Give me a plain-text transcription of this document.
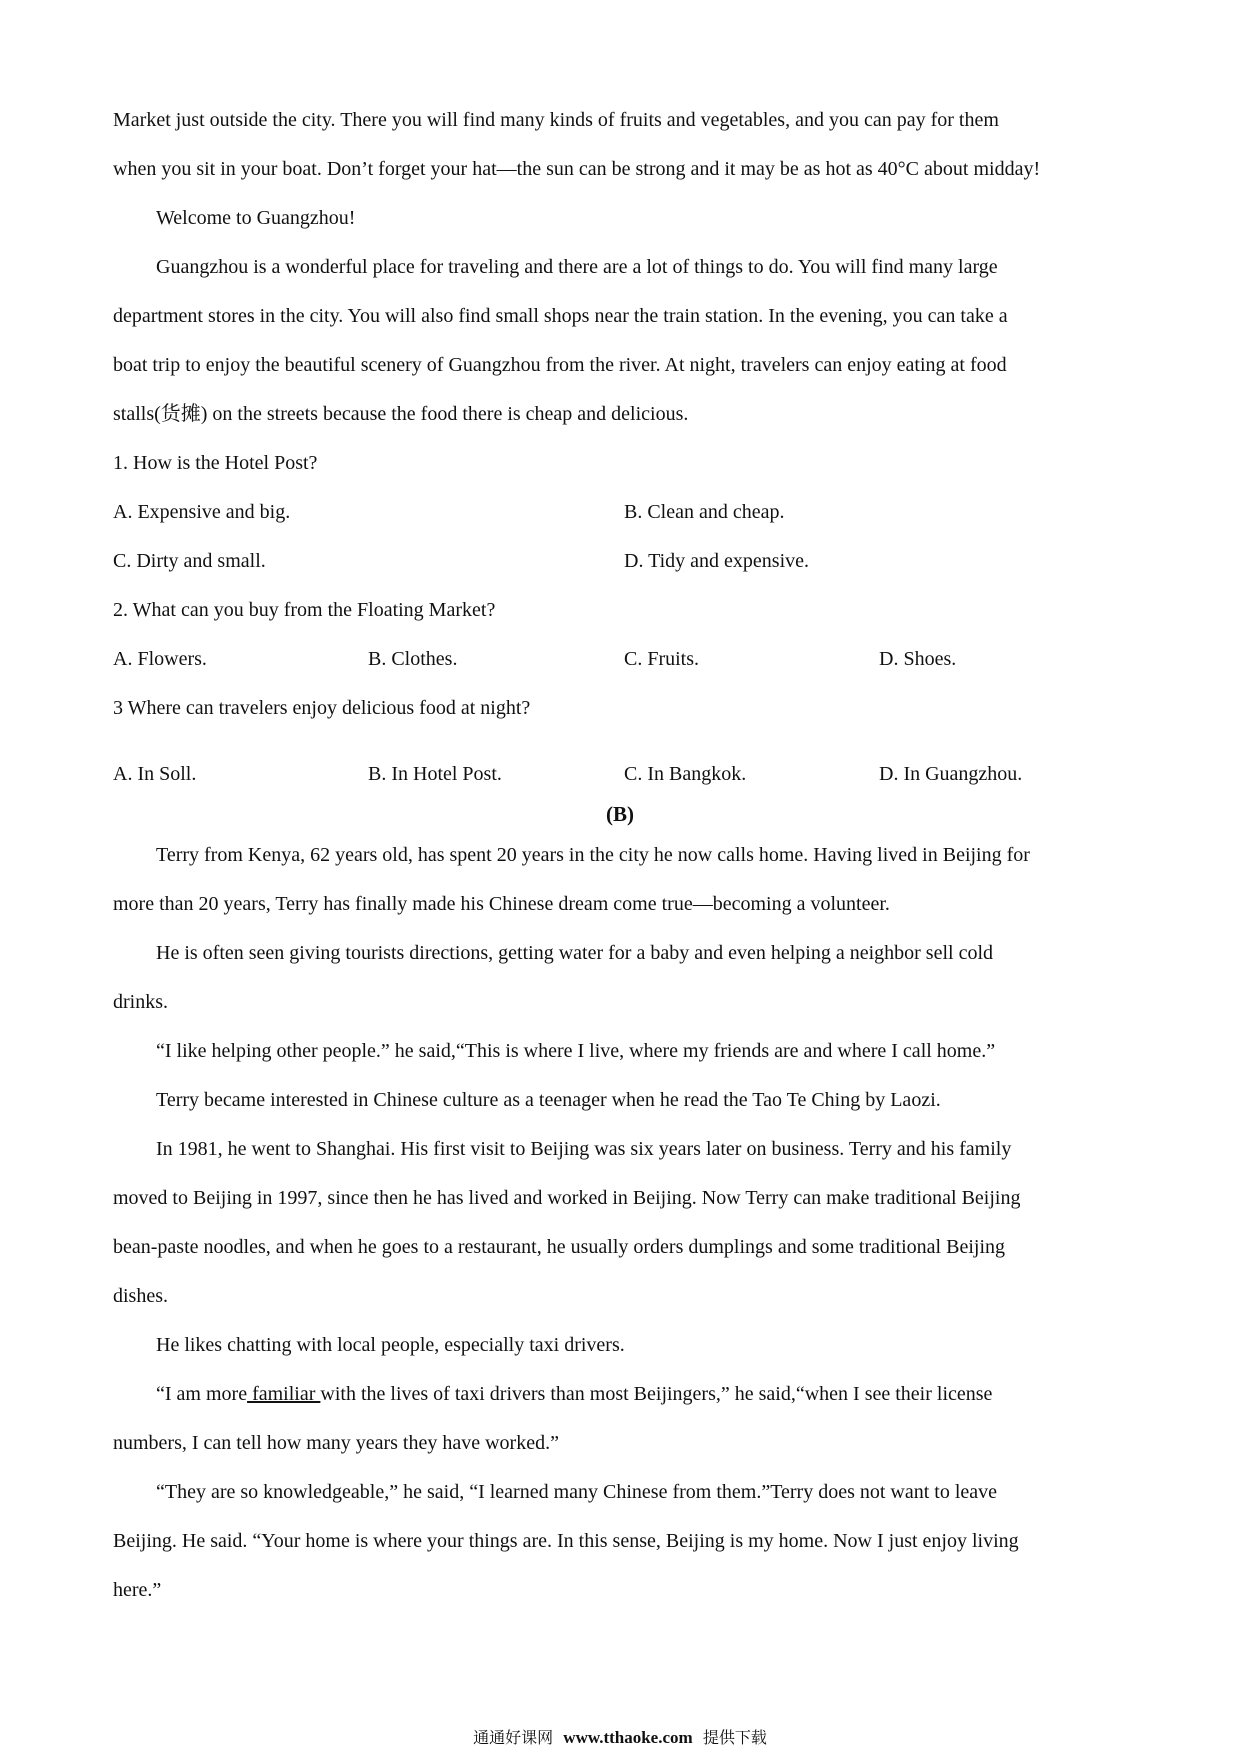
Market just outside the city. There you will find many kinds of fruits and vegetables, and you can pay for them
when you sit in your boat. Don’t forget your hat—the sun can be strong and it may be as hot as 40°C about midday!
Welcome to Guangzhou!
Guangzhou is a wonderful place for traveling and there are a lot of things to do. You will find many large
department stores in the city. You will also find small shops near the train station. In the evening, you can take a
boat trip to enjoy the beautiful scenery of Guangzhou from the river. At night, travelers can enjoy eating at food
stalls(货摊) on the streets because the food there is cheap and delicious.
1. How is the Hotel Post?
A. Expensive and big.	B. Clean and cheap.
C. Dirty and small.	D. Tidy and expensive.
2. What can you buy from the Floating Market?
A. Flowers.	B. Clothes.	C. Fruits.	D. Shoes.
3 Where can travelers enjoy delicious food at night?
A. In Soll.	B. In Hotel Post.	C. In Bangkok.	D. In Guangzhou.
(B)
Terry from Kenya, 62 years old, has spent 20 years in the city he now calls home. Having lived in Beijing for
more than 20 years, Terry has finally made his Chinese dream come true—becoming a volunteer.
He is often seen giving tourists directions, getting water for a baby and even helping a neighbor sell cold
drinks.
“I like helping other people.” he said,“This is where I live, where my friends are and where I call home.”
Terry became interested in Chinese culture as a teenager when he read the Tao Te Ching by Laozi.
In 1981, he went to Shanghai. His first visit to Beijing was six years later on business. Terry and his family
moved to Beijing in 1997, since then he has lived and worked in Beijing. Now Terry can make traditional Beijing
bean-paste noodles, and when he goes to a restaurant, he usually orders dumplings and some traditional Beijing
dishes.
He likes chatting with local people, especially taxi drivers.
“I am more familiar with the lives of taxi drivers than most Beijingers,” he said,“when I see their license
numbers, I can tell how many years they have worked.”
“They are so knowledgeable,” he said, “I learned many Chinese from them.”Terry does not want to leave
Beijing. He said. “Your home is where your things are. In this sense, Beijing is my home. Now I just enjoy living
here.”
通通好课网 www.tthaoke.com 提供下载
